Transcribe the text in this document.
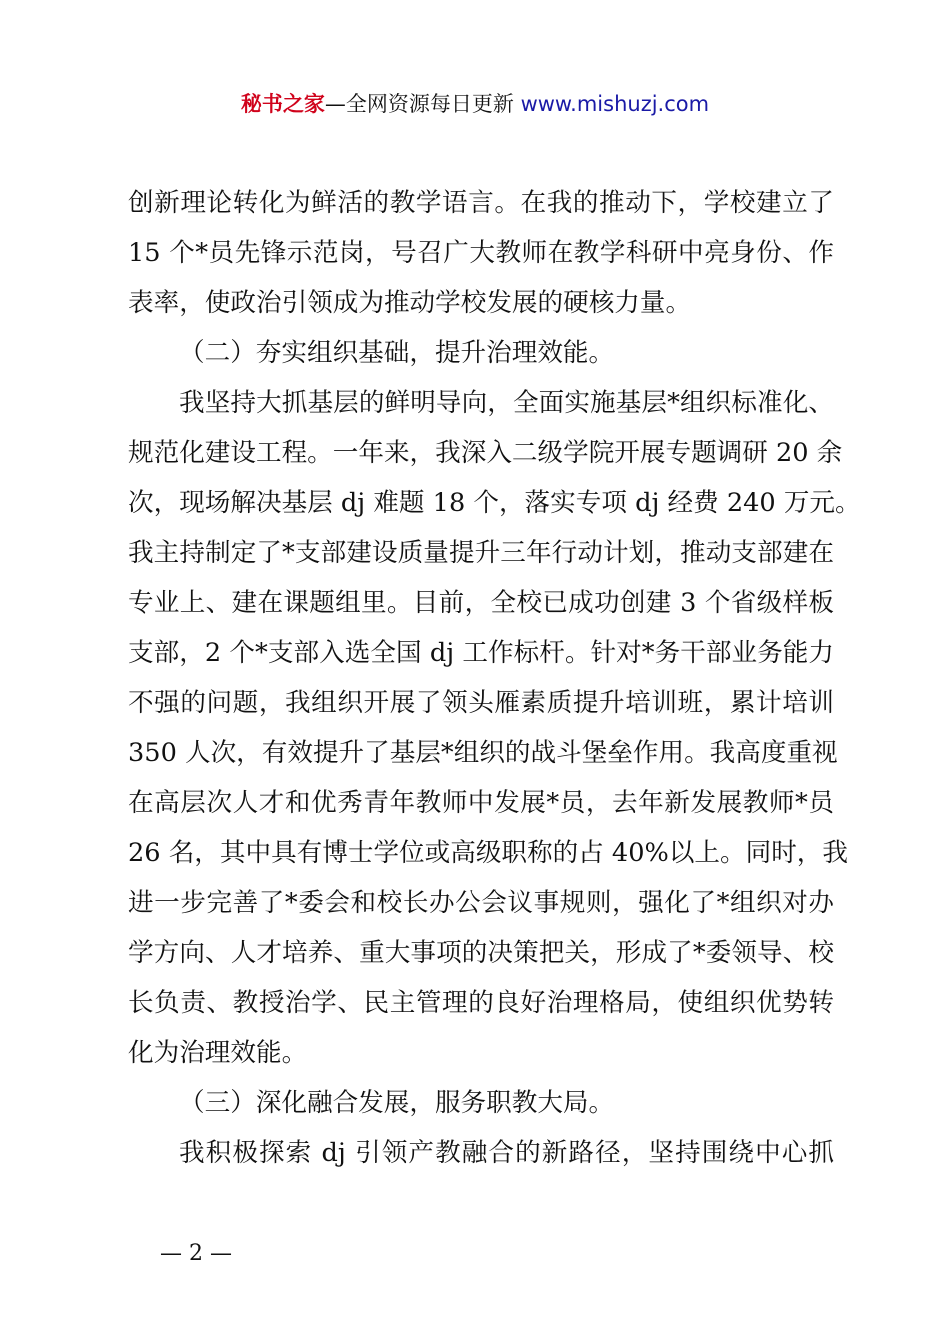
秘书之家—全网资源每日更新 www.mishuzj.com
创新理论转化为鲜活的教学语言。在我的推动下，学校建立了
15 个*员先锋示范岗，号召广大教师在教学科研中亮身份、作
表率，使政治引领成为推动学校发展的硬核力量。
（二）夯实组织基础，提升治理效能。
我坚持大抓基层的鲜明导向，全面实施基层*组织标准化、
规范化建设工程。一年来，我深入二级学院开展专题调研 20 余
次，现场解决基层 dj 难题 18 个，落实专项 dj 经费 240 万元。
我主持制定了*支部建设质量提升三年行动计划，推动支部建在
专业上、建在课题组里。目前，全校已成功创建 3 个省级样板
支部，2 个*支部入选全国 dj 工作标杆。针对*务干部业务能力
不强的问题，我组织开展了领头雁素质提升培训班，累计培训
350 人次，有效提升了基层*组织的战斗堡垒作用。我高度重视
在高层次人才和优秀青年教师中发展*员，去年新发展教师*员
26 名，其中具有博士学位或高级职称的占 40%以上。同时，我
进一步完善了*委会和校长办公会议事规则，强化了*组织对办
学方向、人才培养、重大事项的决策把关，形成了*委领导、校
长负责、教授治学、民主管理的良好治理格局，使组织优势转
化为治理效能。
（三）深化融合发展，服务职教大局。
我积极探索 dj 引领产教融合的新路径，坚持围绕中心抓
— 2 —
